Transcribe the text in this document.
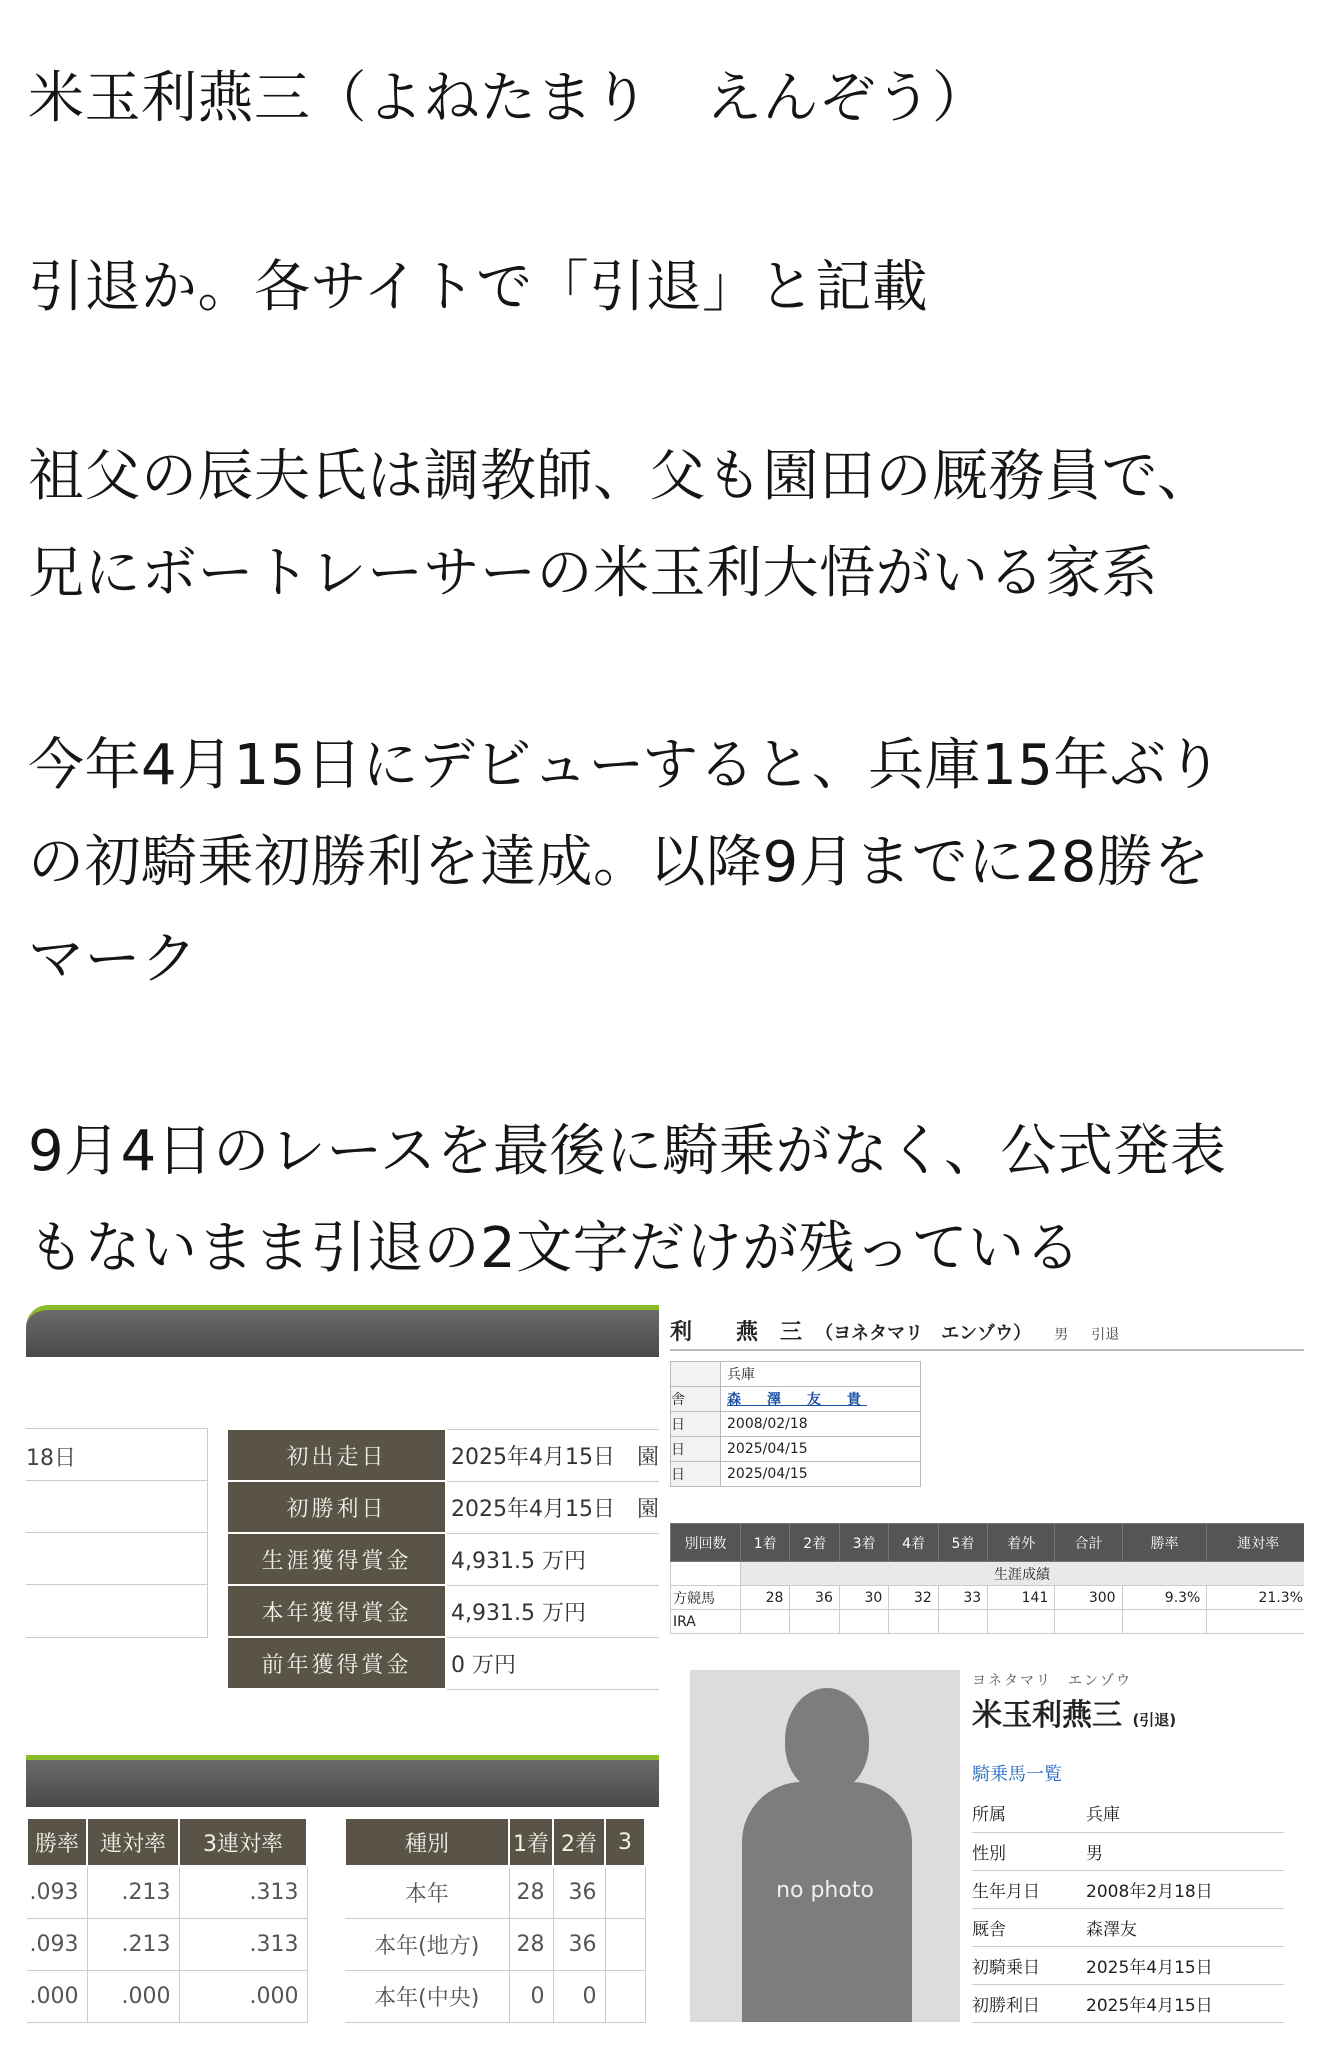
米玉利燕三（よねたまり　えんぞう）
引退か。各サイトで「引退」と記載
祖父の辰夫氏は調教師、父も園田の厩務員で、
兄にボートレーサーの米玉利大悟がいる家系
今年4月15日にデビューすると、兵庫15年ぶり
の初騎乗初勝利を達成。以降9月までに28勝を
マーク
9月4日のレースを最後に騎乗がなく、公式発表
もないまま引退の2文字だけが残っている
18日	初出走日	2025年4月15日　園
初勝利日	2025年4月15日　園
生涯獲得賞金	4,931.5 万円
本年獲得賞金	4,931.5 万円
前年獲得賞金	0 万円
勝率	連対率	3連対率
.093	.213	.313
.093	.213	.313
.000	.000	.000
種別	1着	2着	3
本年	28	36	
本年(地方)	28	36	
本年(中央)	0	0	
利　　燕　三 （ヨネタマリ　エンゾウ） 男 引退
	兵庫
舎	森　澤　友　貴
日	2008/02/18
日	2025/04/15
日	2025/04/15
別回数	1着	2着	3着	4着	5着	着外	合計	勝率	連対率
	生涯成績								
方競馬	28	36	30	32	33	141	300	9.3%	21.3%
IRA									
no photo
ヨネタマリ　エンゾウ
米玉利燕三 (引退)
騎乗馬一覧
所属	兵庫
性別	男
生年月日	2008年2月18日
厩舎	森澤友
初騎乗日	2025年4月15日
初勝利日	2025年4月15日
